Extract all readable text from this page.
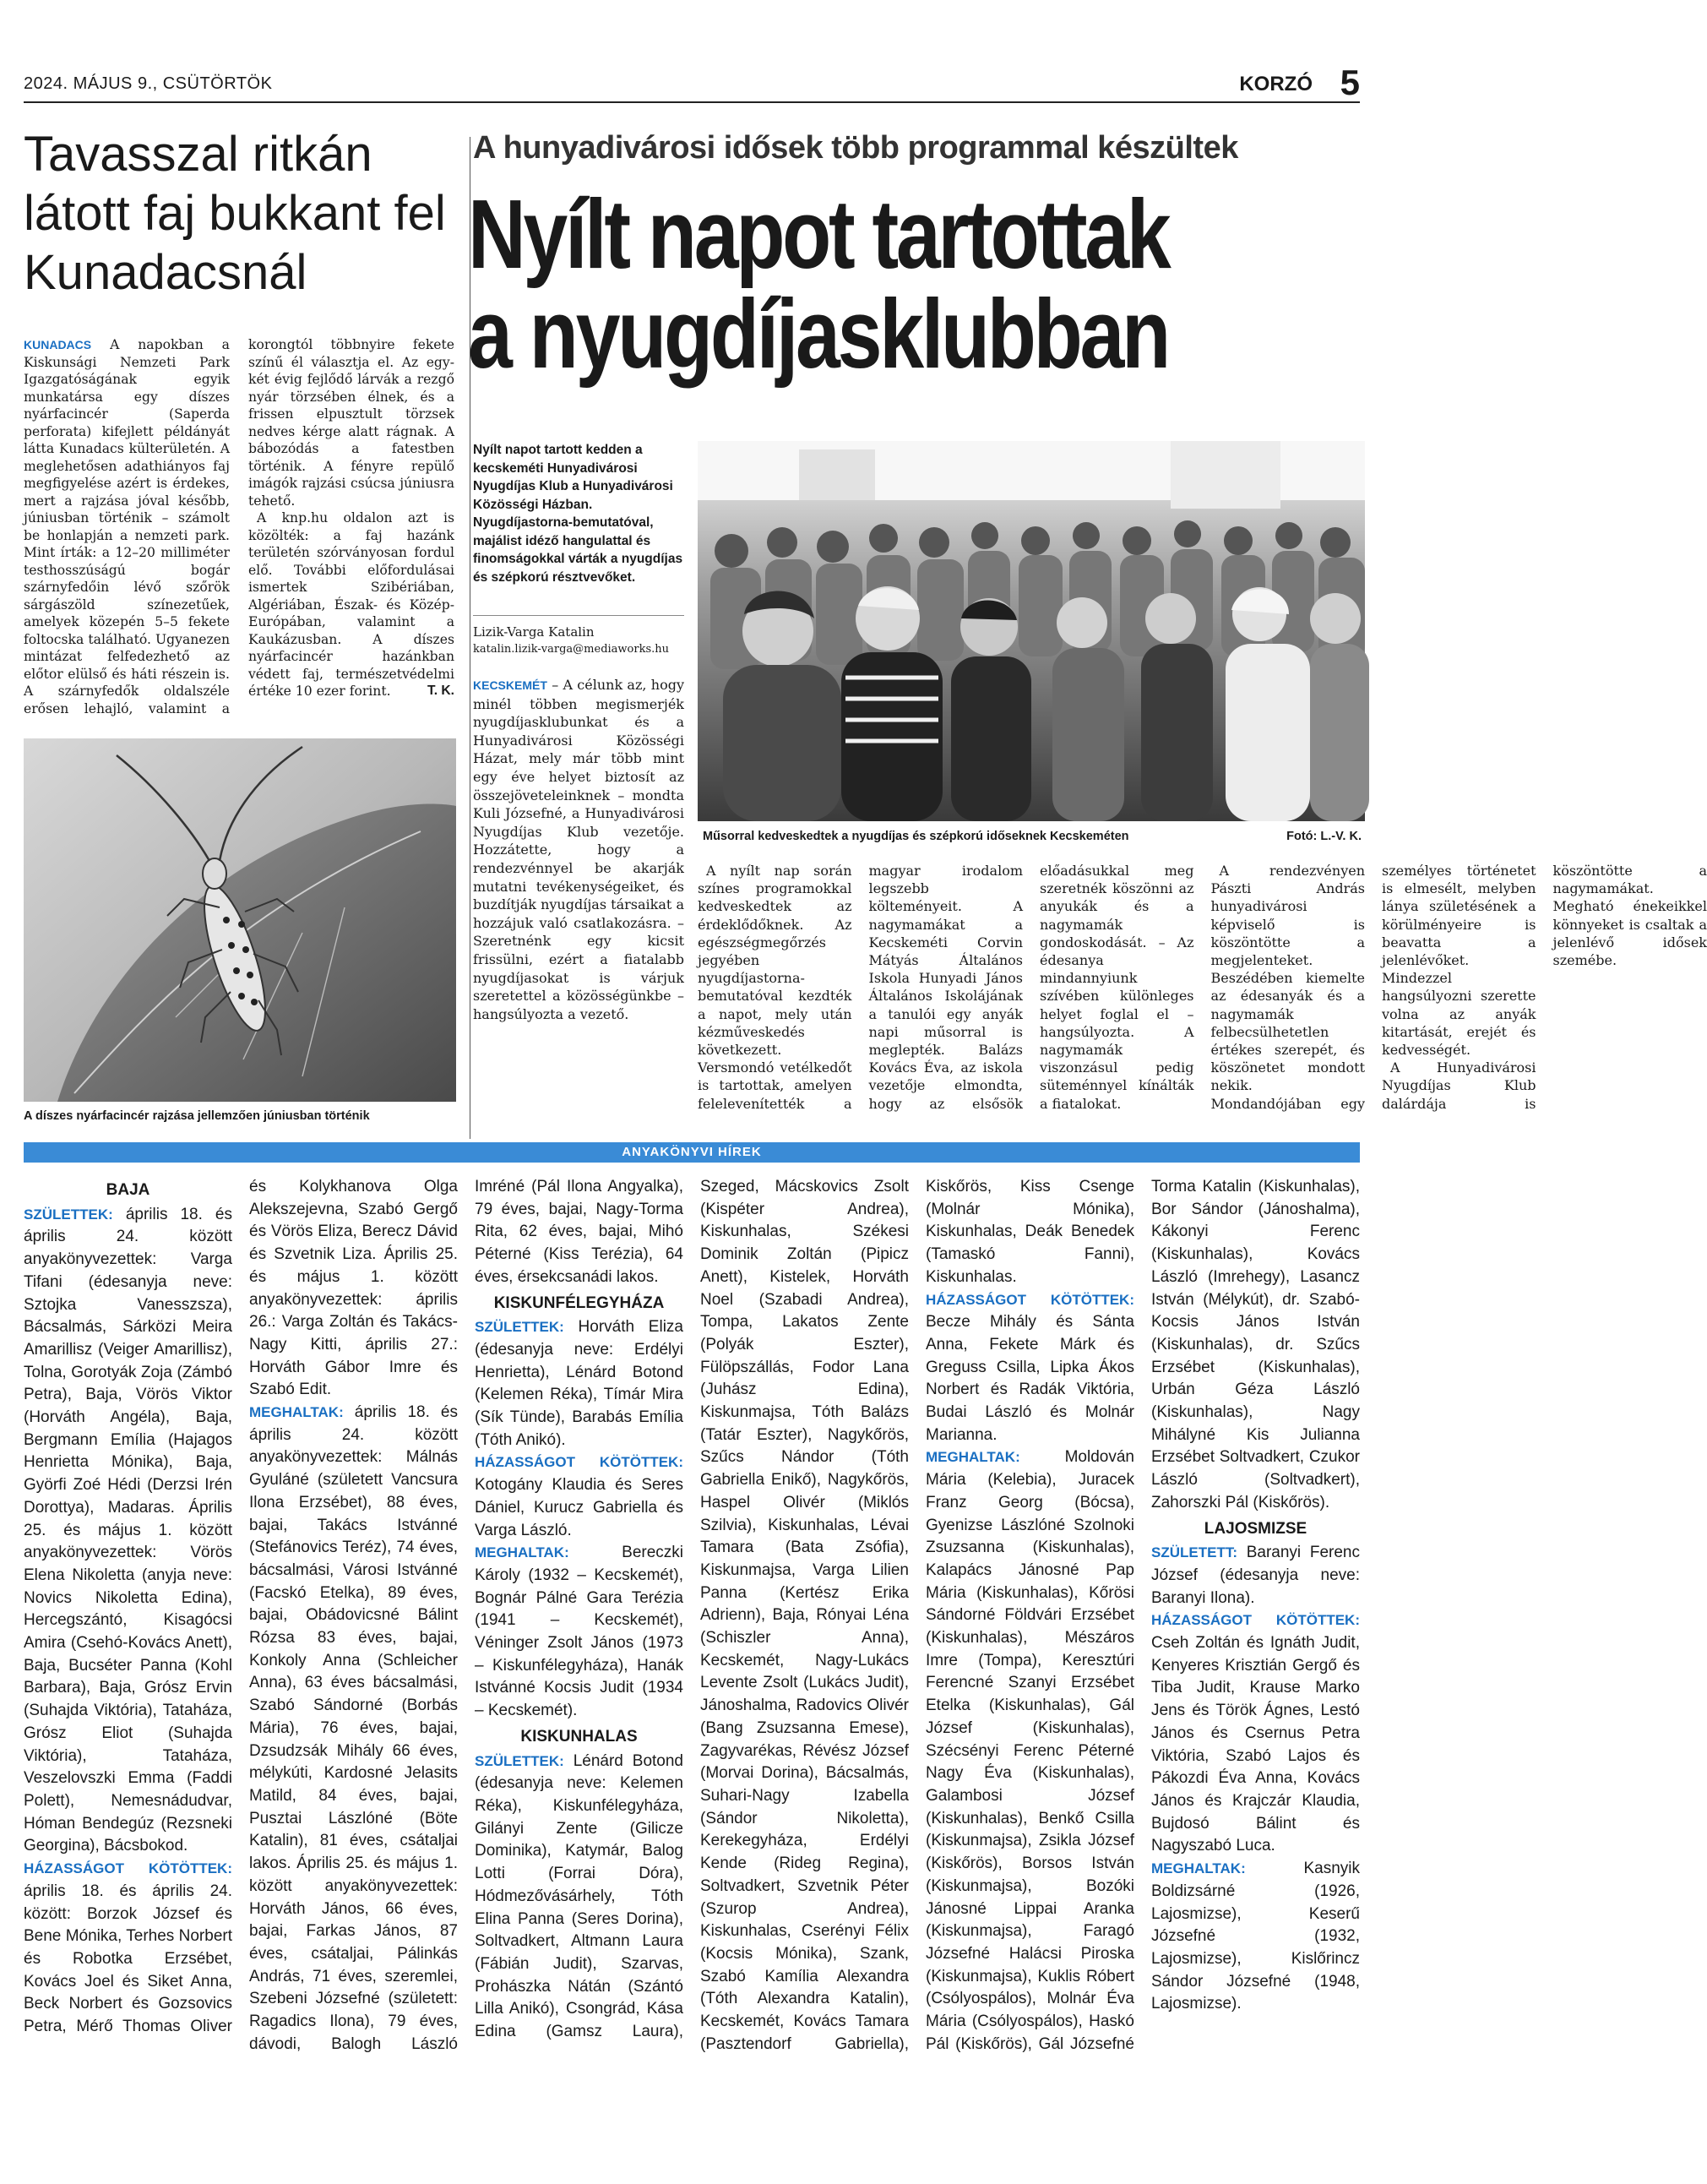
2024. MÁJUS 9., CSÜTÖRTÖK	KORZÓ 5
Tavasszal ritkán látott faj bukkant fel Kunadacsnál

KUNADACS A napokban a Kiskunsági Nemzeti Park Igazgatóságának egyik munkatársa egy díszes nyárfacincér (Saperda perforata) kifejlett példányát látta Kunadacs külterületén. A meglehetősen adathiányos faj megfigyelése azért is érdekes, mert a rajzása jóval később, júniusban történik – számolt be honlapján a nemzeti park. Mint írták: a 12–20 milliméter testhosszúságú bogár szárnyfedőin lévő szőrök sárgászöld színezetűek, amelyek közepén 5–5 fekete foltocska található. Ugyanezen mintázat felfedezhető az előtor elülső és háti részein is. A szárnyfedők oldalszéle erősen lehajló, valamint a korongtól többnyire fekete színű él választja el. Az egy-két évig fejlődő lárvák a rezgő nyár törzsében élnek, és a frissen elpusztult törzsek nedves kérge alatt rágnak. A bábozódás a fatestben történik. A fényre repülő imágók rajzási csúcsa júniusra tehető.

A knp.hu oldalon azt is közölték: a faj hazánk területén szórványosan fordul elő. További előfordulásai ismertek Szibériában, Algériában, Észak- és Közép-Európában, valamint a Kaukázusban. A díszes nyárfacincér hazánkban védett faj, természetvédelmi értéke 10 ezer forint.	T. K.

A díszes nyárfacincér rajzása jellemzően júniusban történik
A hunyadivárosi idősek több programmal készültek
Nyílt napot tartottak
a nyugdíjasklubban
Nyílt napot tartott kedden a kecskeméti Hunyadivárosi Nyugdíjas Klub a Hunyadivárosi Közösségi Házban. Nyugdíjastorna-bemutatóval, majálist idéző hangulattal és finomságokkal várták a nyugdíjas és szépkorú résztvevőket.
Lizik-Varga Katalin
katalin.lizik-varga@mediaworks.hu

KECSKEMÉT – A célunk az, hogy minél többen megismerjék nyugdíjasklubunkat és a Hunyadivárosi Közösségi Házat, mely már több mint egy éve helyet biztosít az összejöveteleinknek – mondta Kuli Józsefné, a Hunyadivárosi Nyugdíjas Klub vezetője. Hozzátette, hogy a rendezvénnyel be akarják mutatni tevékenységeiket, és buzdítják nyugdíjas társaikat a hozzájuk való csatlakozásra. – Szeretnénk egy kicsit frissülni, ezért a fiatalabb nyugdíjasokat is várjuk szeretettel a közösségünkbe – hangsúlyozta a vezető.

Műsorral kedveskedtek a nyugdíjas és szépkorú időseknek Kecskeméten	Fotó: L.-V. K.

A nyílt nap során színes programokkal kedveskedtek az érdeklődőknek. Az egészségmegőrzés jegyében nyugdíjastorna-bemutatóval kezdték a napot, mely után kézműveskedés következett. Versmondó vetélkedőt is tartottak, amelyen felelevenítették a magyar irodalom legszebb költeményeit. A nagymamákat a Kecskeméti Corvin Mátyás Általános Iskola Hunyadi János Általános Iskolájának a tanulói egy anyák napi műsorral is meglepték. Balázs Kovács Éva, az iskola vezetője elmondta, hogy az elsősök előadásukkal meg szeretnék köszönni az anyukák és a nagymamák gondoskodását. – Az édesanya mindannyiunk szívében különleges helyet foglal el – hangsúlyozta. A nagymamák viszonzásul pedig süteménnyel kínálták a fiatalokat.

A rendezvényen Pászti András hunyadivárosi képviselő is köszöntötte a megjelenteket. Beszédében kiemelte az édesanyák és a nagymamák felbecsülhetetlen értékes szerepét, és köszönetet mondott nekik. Mondandójában egy személyes történetet is elmesélt, melyben lánya születésének a körülményeire is beavatta a jelenlévőket. Mindezzel hangsúlyozni szerette volna az anyák kitartását, erejét és kedvességét.

A Hunyadivárosi Nyugdíjas Klub dalárdája is köszöntötte a nagymamákat. Megható énekeikkel könnyeket is csaltak a jelenlévő idősek szemébe.

ANYAKÖNYVI HÍREK
BAJA

SZÜLETTEK: április 18. és április 24. között anyakönyvezettek: Varga Tifani (édesanyja neve: Sztojka Vanesszsza), Bácsalmás, Sárközi Meira Amarillisz (Veiger Amarillisz), Tolna, Gorotyák Zoja (Zámbó Petra), Baja, Vörös Viktor (Horváth Angéla), Baja, Bergmann Emília (Hajagos Henrietta Mónika), Baja, Györfi Zoé Hédi (Derzsi Irén Dorottya), Madaras. Április 25. és május 1. között anyakönyvezettek: Vörös Elena Nikoletta (anyja neve: Novics Nikoletta Edina), Hercegszántó, Kisagócsi Amira (Csehó-Kovács Anett), Baja, Bucséter Panna (Kohl Barbara), Baja, Grósz Ervin (Suhajda Viktória), Tataháza, Grósz Eliot (Suhajda Viktória), Tataháza, Veszelovszki Emma (Faddi Polett), Nemesnádudvar, Hóman Bendegúz (Rezsneki Georgina), Bácsbokod.

HÁZASSÁGOT KÖTÖTTEK: április 18. és április 24. között: Borzok József és Bene Mónika, Terhes Norbert és Robotka Erzsébet, Kovács Joel és Siket Anna, Beck Norbert és Gozsovics Petra, Mérő Thomas Oliver és Kolykhanova Olga Alekszejevna, Szabó Gergő és Vörös Eliza, Berecz Dávid és Szvetnik Liza. Április 25. és május 1. között anyakönyvezettek: április 26.: Varga Zoltán és Takács-Nagy Kitti, április 27.: Horváth Gábor Imre és Szabó Edit.

MEGHALTAK: április 18. és április 24. között anyakönyvezettek: Málnás Gyuláné (született Vancsura Ilona Erzsébet), 88 éves, bajai, Takács Istvánné (Stefánovics Teréz), 74 éves, bácsalmási, Városi Istvánné (Facskó Etelka), 89 éves, bajai, Obádovicsné Bálint Rózsa 83 éves, bajai, Konkoly Anna (Schleicher Anna), 63 éves bácsalmási, Szabó Sándorné (Borbás Mária), 76 éves, bajai, Dzsudzsák Mihály 66 éves, mélykúti, Kardosné Jelasits Matild, 84 éves, bajai, Pusztai Lászlóné (Böte Katalin), 81 éves, csátaljai lakos. Április 25. és május 1. között anyakönyvezettek: Horváth János, 66 éves, bajai, Farkas János, 87 éves, csátaljai, Pálinkás András, 71 éves, szeremlei, Szebeni Józsefné (született: Ragadics Ilona), 79 éves, dávodi, Balogh László Imréné (Pál Ilona Angyalka), 79 éves, bajai, Nagy-Torma Rita, 62 éves, bajai, Mihó Péterné (Kiss Terézia), 64 éves, érsekcsanádi lakos.

KISKUNFÉLEGYHÁZA

SZÜLETTEK: Horváth Eliza (édesanyja neve: Erdélyi Henrietta), Lénárd Botond (Kelemen Réka), Tímár Mira (Sík Tünde), Barabás Emília (Tóth Anikó).

HÁZASSÁGOT KÖTÖTTEK: Kotogány Klaudia és Seres Dániel, Kurucz Gabriella és Varga László.

MEGHALTAK:	Bereczki Károly (1932 – Kecskemét), Bognár Pálné Gara Terézia (1941 – Kecskemét), Véninger Zsolt János (1973 – Kiskunfélegyháza), Hanák Istvánné Kocsis Judit (1934 – Kecskemét).

KISKUNHALAS

SZÜLETTEK: Lénárd Botond (édesanyja neve: Kelemen Réka), Kiskunfélegyháza, Gilányi Zente (Gilicze Dominika), Katymár, Balog Lotti (Forrai Dóra), Hódmezővásárhely, Tóth Elina Panna (Seres Dorina), Soltvadkert, Altmann Laura (Fábián Judit), Szarvas, Prohászka Nátán (Szántó Lilla Anikó), Csongrád, Kása Edina (Gamsz Laura), Szeged, Mácskovics Zsolt (Kispéter Andrea), Kiskunhalas, Székesi Dominik Zoltán (Pipicz Anett), Kistelek, Horváth Noel (Szabadi Andrea), Tompa, Lakatos Zente (Polyák Eszter), Fülöpszállás, Fodor Lana (Juhász Edina), Kiskunmajsa, Tóth Balázs (Tatár Eszter), Nagykőrös, Szűcs Nándor (Tóth Gabriella Enikő), Nagykőrös, Haspel Olivér (Miklós Szilvia), Kiskunhalas, Lévai Tamara (Bata Zsófia), Kiskunmajsa, Varga Lilien Panna (Kertész Erika Adrienn), Baja, Rónyai Léna (Schiszler Anna), Kecskemét, Nagy-Lukács Levente Zsolt (Lukács Judit), Jánoshalma, Radovics Olivér (Bang Zsuzsanna Emese), Zagyvarékas, Révész József (Morvai Dorina), Bácsalmás, Suhari-Nagy Izabella (Sándor Nikoletta), Kerekegyháza, Erdélyi Kende (Rideg Regina), Soltvadkert, Szvetnik Péter (Szurop Andrea), Kiskunhalas, Cserényi Félix (Kocsis Mónika), Szank, Szabó Kamília Alexandra (Tóth Alexandra Katalin), Kecskemét, Kovács Tamara (Pasztendorf Gabriella), Kiskőrös, Kiss Csenge (Molnár Mónika), Kiskunhalas, Deák Benedek (Tamaskó Fanni), Kiskunhalas.

HÁZASSÁGOT KÖTÖTTEK: Becze Mihály és Sánta Anna, Fekete Márk és Greguss Csilla, Lipka Ákos Norbert és Radák Viktória, Budai László és Molnár Marianna.

MEGHALTAK:	Moldován Mária (Kelebia), Juracek Franz Georg (Bócsa), Gyenizse Lászlóné Szolnoki Zsuzsanna (Kiskunhalas), Kalapács Jánosné Pap Mária (Kiskunhalas), Kőrösi Sándorné Földvári Erzsébet (Kiskunhalas), Mészáros Imre (Tompa), Keresztúri Ferencné Szanyi Erzsébet Etelka (Kiskunhalas), Gál József (Kiskunhalas), Szécsényi Ferenc Péterné Nagy Éva (Kiskunhalas), Galambosi József (Kiskunhalas), Benkő Csilla (Kiskunmajsa), Zsikla József (Kiskőrös), Borsos István (Kiskunmajsa), Bozóki Jánosné Lippai Aranka (Kiskunmajsa), Faragó Józsefné Halácsi Piroska (Kiskunmajsa), Kuklis Róbert (Csólyospálos), Molnár Éva Mária (Csólyospálos), Haskó Pál (Kiskőrös), Gál Józsefné Torma Katalin (Kiskunhalas), Bor Sándor (Jánoshalma), Kákonyi Ferenc (Kiskunhalas), Kovács László (Imrehegy), Lasancz István (Mélykút), dr. Szabó-Kocsis János István (Kiskunhalas), dr. Szűcs Erzsébet (Kiskunhalas), Urbán Géza László (Kiskunhalas), Nagy Mihályné Kis Julianna Erzsébet Soltvadkert, Czukor László (Soltvadkert), Zahorszki Pál (Kiskőrös).

LAJOSMIZSE

SZÜLETETT: Baranyi Ferenc József (édesanyja neve: Baranyi Ilona).

HÁZASSÁGOT KÖTÖTTEK: Cseh Zoltán és Ignáth Judit, Kenyeres Krisztián Gergő és Tiba Judit, Krause Marko Jens és Török Ágnes, Lestó János és Csernus Petra Viktória, Szabó Lajos és Pákozdi Éva Anna, Kovács János és Krajczár Klaudia, Bujdosó Bálint és Nagyszabó Luca.

MEGHALTAK:	Kasnyik Boldizsárné (1926, Lajosmizse), Keserű Józsefné (1932, Lajosmizse), Kislőrincz Sándor Józsefné (1948, Lajosmizse).
